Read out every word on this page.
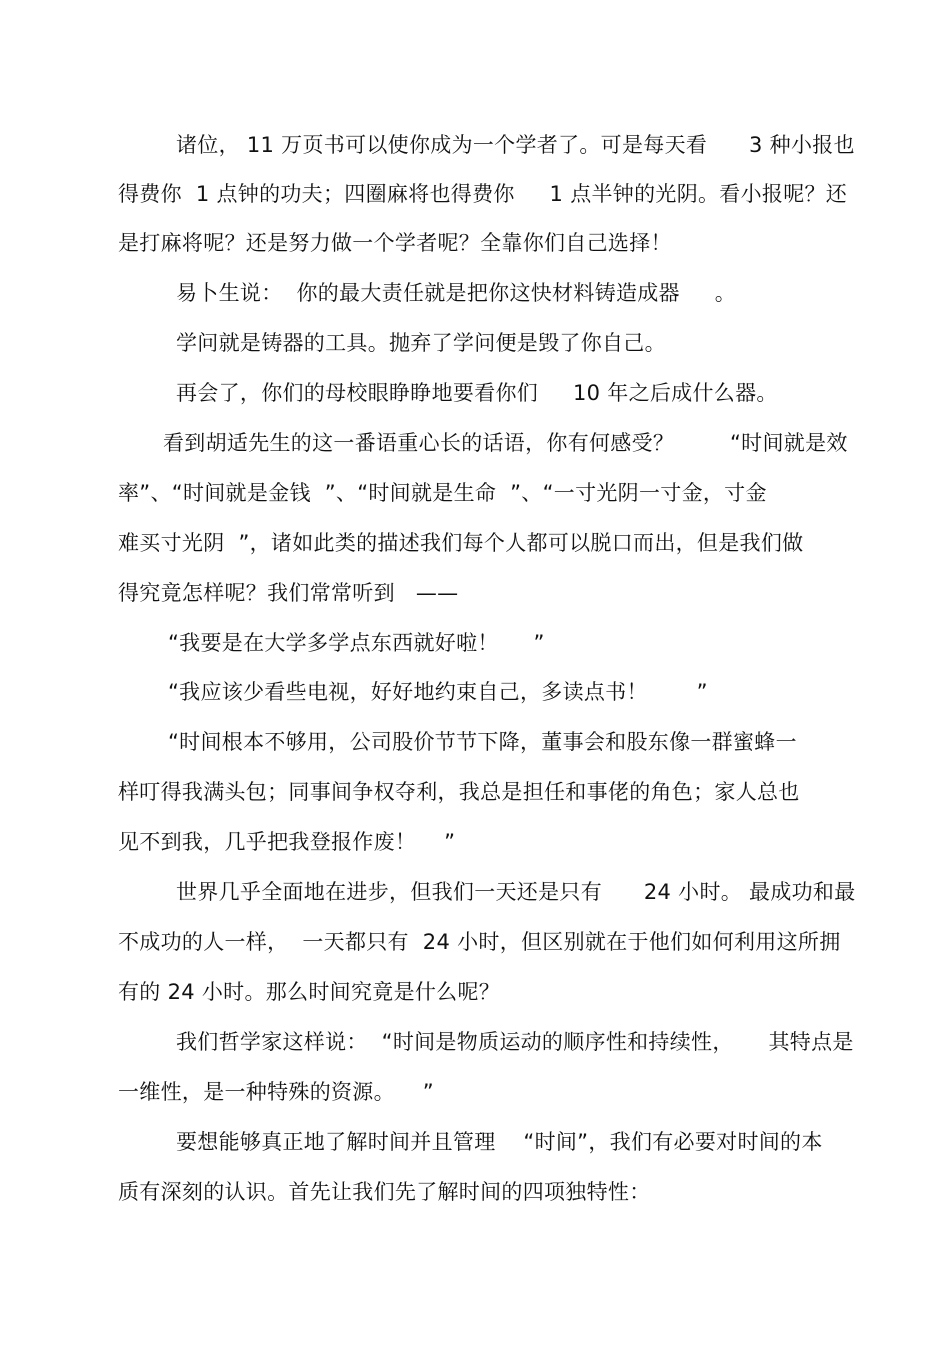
诸位， 11 万页书可以使你成为一个学者了。可是每天看      3 种小报也
得费你  1 点钟的功夫；四圈麻将也得费你     1 点半钟的光阴。看小报呢？还
是打麻将呢？还是努力做一个学者呢？全靠你们自己选择！
易卜生说：  你的最大责任就是把你这快材料铸造成器     。
学问就是铸器的工具。抛弃了学问便是毁了你自己。
再会了，你们的母校眼睁睁地要看你们     10 年之后成什么器。
看到胡适先生的这一番语重心长的话语，你有何感受？        “时间就是效
率”、“时间就是金钱  ”、“时间就是生命  ”、“一寸光阴一寸金，寸金
难买寸光阴  ”，诸如此类的描述我们每个人都可以脱口而出，但是我们做
得究竟怎样呢？我们常常听到   ——
“我要是在大学多学点东西就好啦！     ”
“我应该少看些电视，好好地约束自己，多读点书！       ”
“时间根本不够用，公司股价节节下降，董事会和股东像一群蜜蜂一
样叮得我满头包；同事间争权夺利，我总是担任和事佬的角色；家人总也
见不到我，几乎把我登报作废！    ”
世界几乎全面地在进步，但我们一天还是只有      24 小时。 最成功和最
不成功的人一样，  一天都只有  24 小时，但区别就在于他们如何利用这所拥
有的 24 小时。那么时间究竟是什么呢？
我们哲学家这样说：  “时间是物质运动的顺序性和持续性，     其特点是
一维性，是一种特殊的资源。    ”
要想能够真正地了解时间并且管理    “时间”，我们有必要对时间的本
质有深刻的认识。首先让我们先了解时间的四项独特性：
